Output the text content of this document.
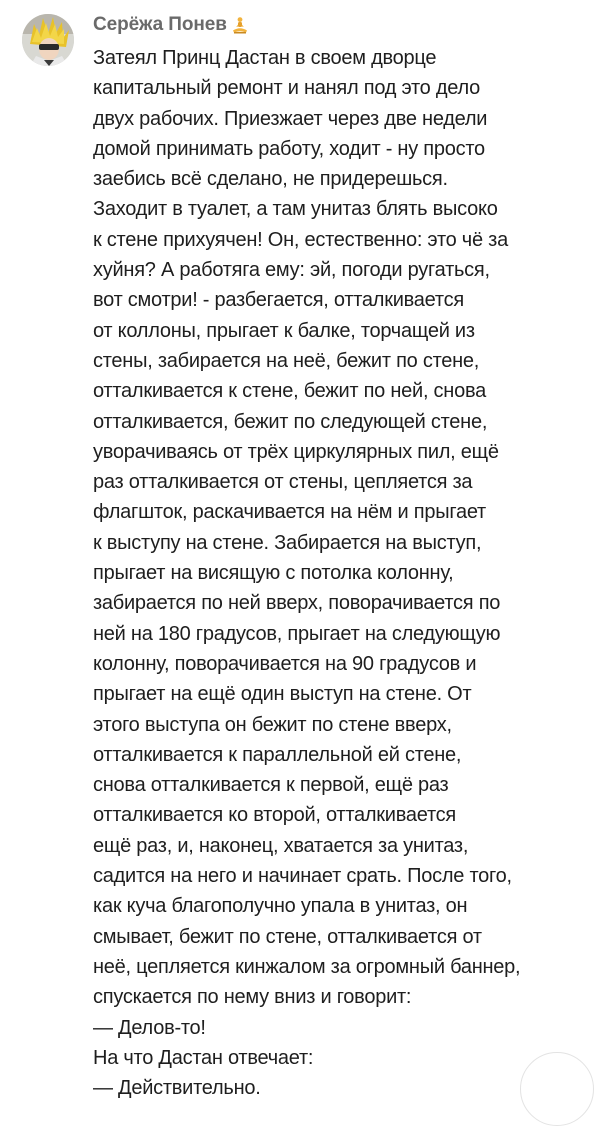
Серёжа Понев
Затеял Принц Дастан в своем дворце
капитальный ремонт и нанял под это дело
двух рабочих. Приезжает через две недели
домой принимать работу, ходит - ну просто
заебись всё сделано, не придерешься.
Заходит в туалет, а там унитаз блять высоко
к стене прихуячен! Он, естественно: это чё за
хуйня? А работяга ему: эй, погоди ругаться,
вот смотри! - разбегается, отталкивается
от коллоны, прыгает к балке, торчащей из
стены, забирается на неё, бежит по стене,
отталкивается к стене, бежит по ней, снова
отталкивается, бежит по следующей стене,
уворачиваясь от трёх циркулярных пил, ещё
раз отталкивается от стены, цепляется за
флагшток, раскачивается на нём и прыгает
к выступу на стене. Забирается на выступ,
прыгает на висящую с потолка колонну,
забирается по ней вверх, поворачивается по
ней на 180 градусов, прыгает на следующую
колонну, поворачивается на 90 градусов и
прыгает на ещё один выступ на стене. От
этого выступа он бежит по стене вверх,
отталкивается к параллельной ей стене,
снова отталкивается к первой, ещё раз
отталкивается ко второй, отталкивается
ещё раз, и, наконец, хватается за унитаз,
садится на него и начинает срать. После того,
как куча благополучно упала в унитаз, он
смывает, бежит по стене, отталкивается от
неё, цепляется кинжалом за огромный баннер,
спускается по нему вниз и говорит:
— Делов-то!
На что Дастан отвечает:
— Действительно.
